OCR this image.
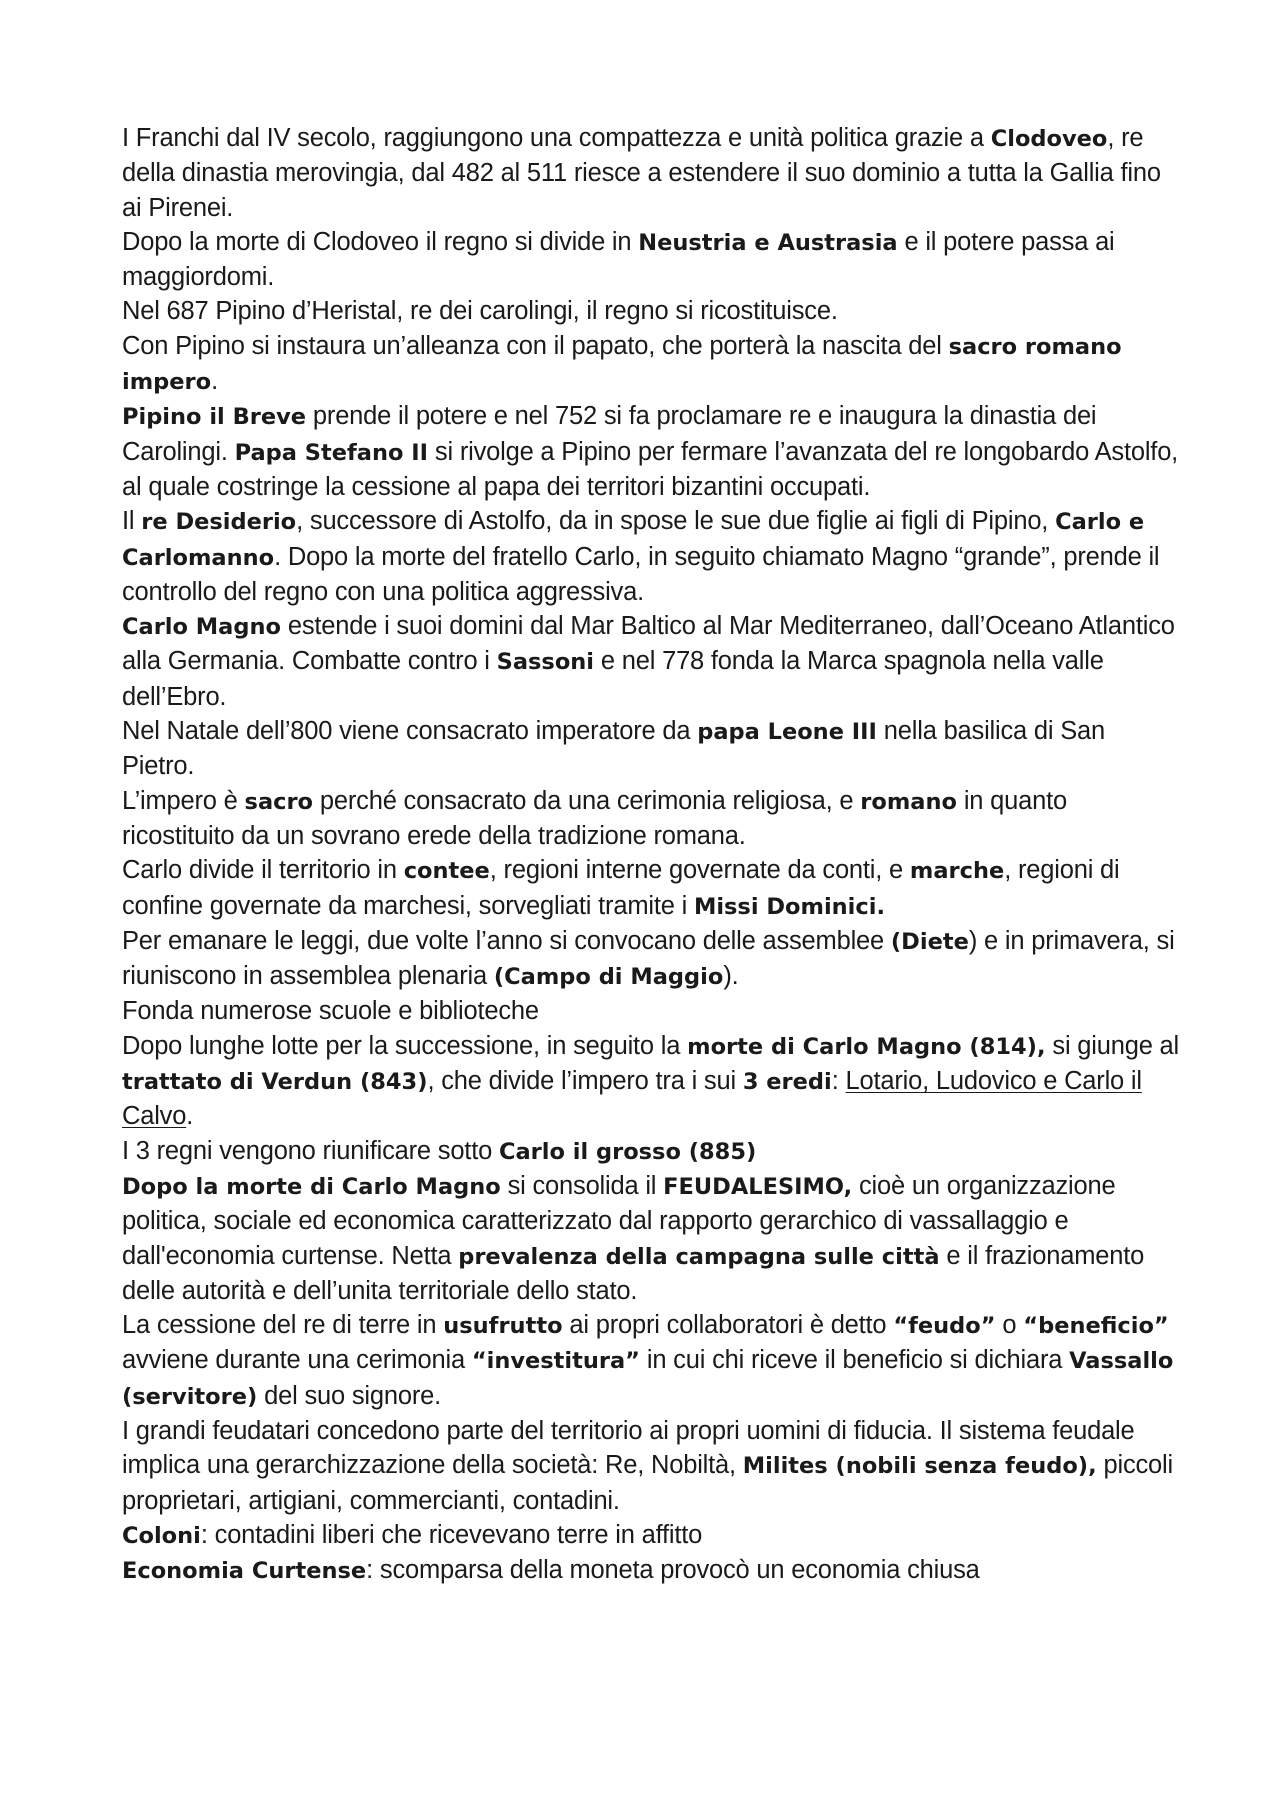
I Franchi dal IV secolo, raggiungono una compattezza e unità politica grazie a Clodoveo, re della dinastia merovingia, dal 482 al 511 riesce a estendere il suo dominio a tutta la Gallia fino ai Pirenei.

Dopo la morte di Clodoveo il regno si divide in Neustria e Austrasia e il potere passa ai maggiordomi.

Nel 687 Pipino d’Heristal, re dei carolingi, il regno si ricostituisce.

Con Pipino si instaura un’alleanza con il papato, che porterà la nascita del sacro romano impero.

Pipino il Breve prende il potere e nel 752 si fa proclamare re e inaugura la dinastia dei Carolingi. Papa Stefano II si rivolge a Pipino per fermare l’avanzata del re longobardo Astolfo, al quale costringe la cessione al papa dei territori bizantini occupati.

Il re Desiderio, successore di Astolfo, da in spose le sue due figlie ai figli di Pipino, Carlo e Carlomanno. Dopo la morte del fratello Carlo, in seguito chiamato Magno “grande”, prende il controllo del regno con una politica aggressiva.

Carlo Magno estende i suoi domini dal Mar Baltico al Mar Mediterraneo, dall’Oceano Atlantico alla Germania. Combatte contro i Sassoni e nel 778 fonda la Marca spagnola nella valle dell’Ebro.

Nel Natale dell’800 viene consacrato imperatore da papa Leone III nella basilica di San Pietro.

L’impero è sacro perché consacrato da una cerimonia religiosa, e romano in quanto ricostituito da un sovrano erede della tradizione romana.

Carlo divide il territorio in contee, regioni interne governate da conti, e marche, regioni di confine governate da marchesi, sorvegliati tramite i Missi Dominici.

Per emanare le leggi, due volte l’anno si convocano delle assemblee (Diete) e in primavera, si riuniscono in assemblea plenaria (Campo di Maggio).

Fonda numerose scuole e biblioteche

Dopo lunghe lotte per la successione, in seguito la morte di Carlo Magno (814), si giunge al trattato di Verdun (843), che divide l’impero tra i sui 3 eredi: Lotario, Ludovico e Carlo il Calvo.

I 3 regni vengono riunificare sotto Carlo il grosso (885)

Dopo la morte di Carlo Magno si consolida il FEUDALESIMO, cioè un organizzazione politica, sociale ed economica caratterizzato dal rapporto gerarchico di vassallaggio e dall'economia curtense. Netta prevalenza della campagna sulle città e il frazionamento delle autorità e dell’unita territoriale dello stato.

La cessione del re di terre in usufrutto ai propri collaboratori è detto “feudo” o “beneficio” avviene durante una cerimonia “investitura” in cui chi riceve il beneficio si dichiara Vassallo (servitore) del suo signore.

I grandi feudatari concedono parte del territorio ai propri uomini di fiducia. Il sistema feudale implica una gerarchizzazione della società: Re, Nobiltà, Milites (nobili senza feudo), piccoli proprietari, artigiani, commercianti, contadini.

Coloni: contadini liberi che ricevevano terre in affitto

Economia Curtense: scomparsa della moneta provocò un economia chiusa
